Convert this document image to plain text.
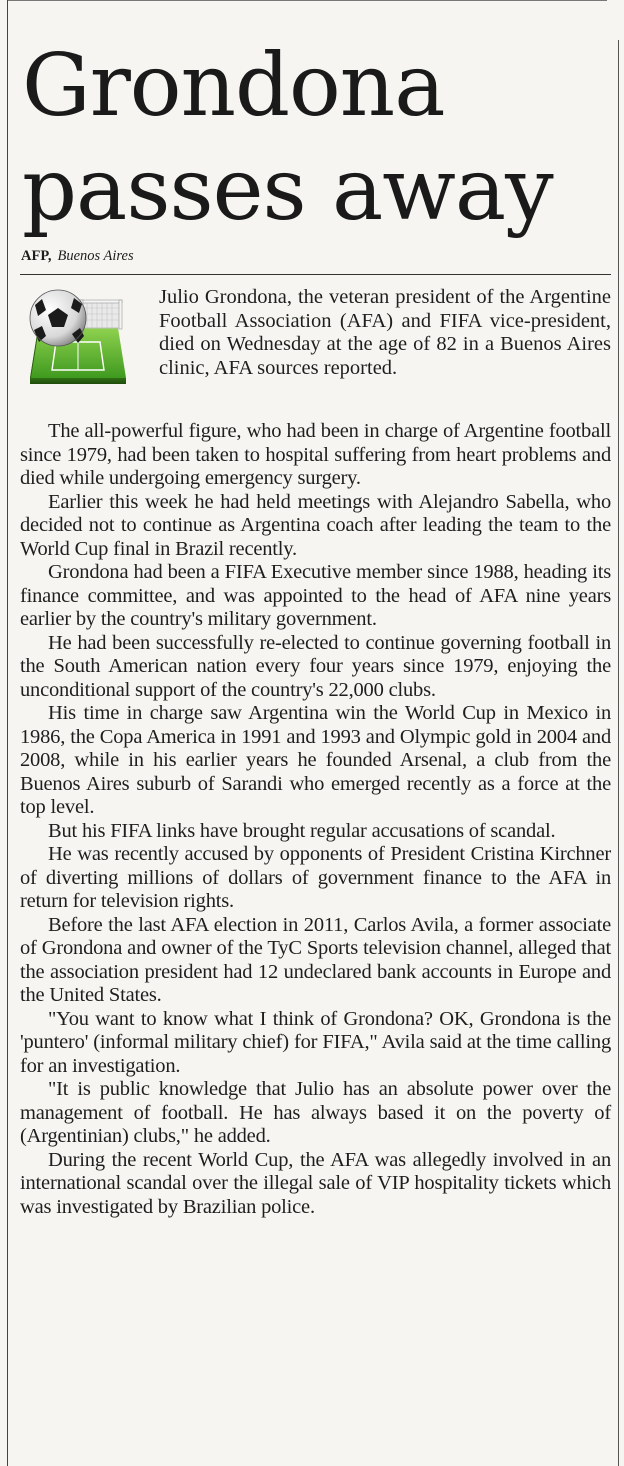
Grondona
passes away
AFP, Buenos Aires

Julio Grondona, the veteran president of the Argentine Football Association (AFA) and FIFA vice-president, died on Wednesday at the age of 82 in a Buenos Aires clinic, AFA sources reported.

The all-powerful figure, who had been in charge of Argentine football since 1979, had been taken to hospital suffering from heart problems and died while undergoing emergency surgery.

Earlier this week he had held meetings with Alejandro Sabella, who decided not to continue as Argentina coach after leading the team to the World Cup final in Brazil recently.

Grondona had been a FIFA Executive member since 1988, heading its finance committee, and was appointed to the head of AFA nine years earlier by the country's military government.

He had been successfully re-elected to continue governing football in the South American nation every four years since 1979, enjoying the unconditional support of the country's 22,000 clubs.

His time in charge saw Argentina win the World Cup in Mexico in 1986, the Copa America in 1991 and 1993 and Olympic gold in 2004 and 2008, while in his earlier years he founded Arsenal, a club from the Buenos Aires suburb of Sarandi who emerged recently as a force at the top level.

But his FIFA links have brought regular accusations of scandal.

He was recently accused by opponents of President Cristina Kirchner of diverting millions of dollars of government finance to the AFA in return for television rights.

Before the last AFA election in 2011, Carlos Avila, a former associate of Grondona and owner of the TyC Sports television channel, alleged that the association president had 12 undeclared bank accounts in Europe and the United States.

"You want to know what I think of Grondona? OK, Grondona is the 'puntero' (informal military chief) for FIFA," Avila said at the time calling for an investigation.

"It is public knowledge that Julio has an absolute power over the management of football. He has always based it on the poverty of (Argentinian) clubs," he added.

During the recent World Cup, the AFA was allegedly involved in an international scandal over the illegal sale of VIP hospitality tickets which was investigated by Brazilian police.
